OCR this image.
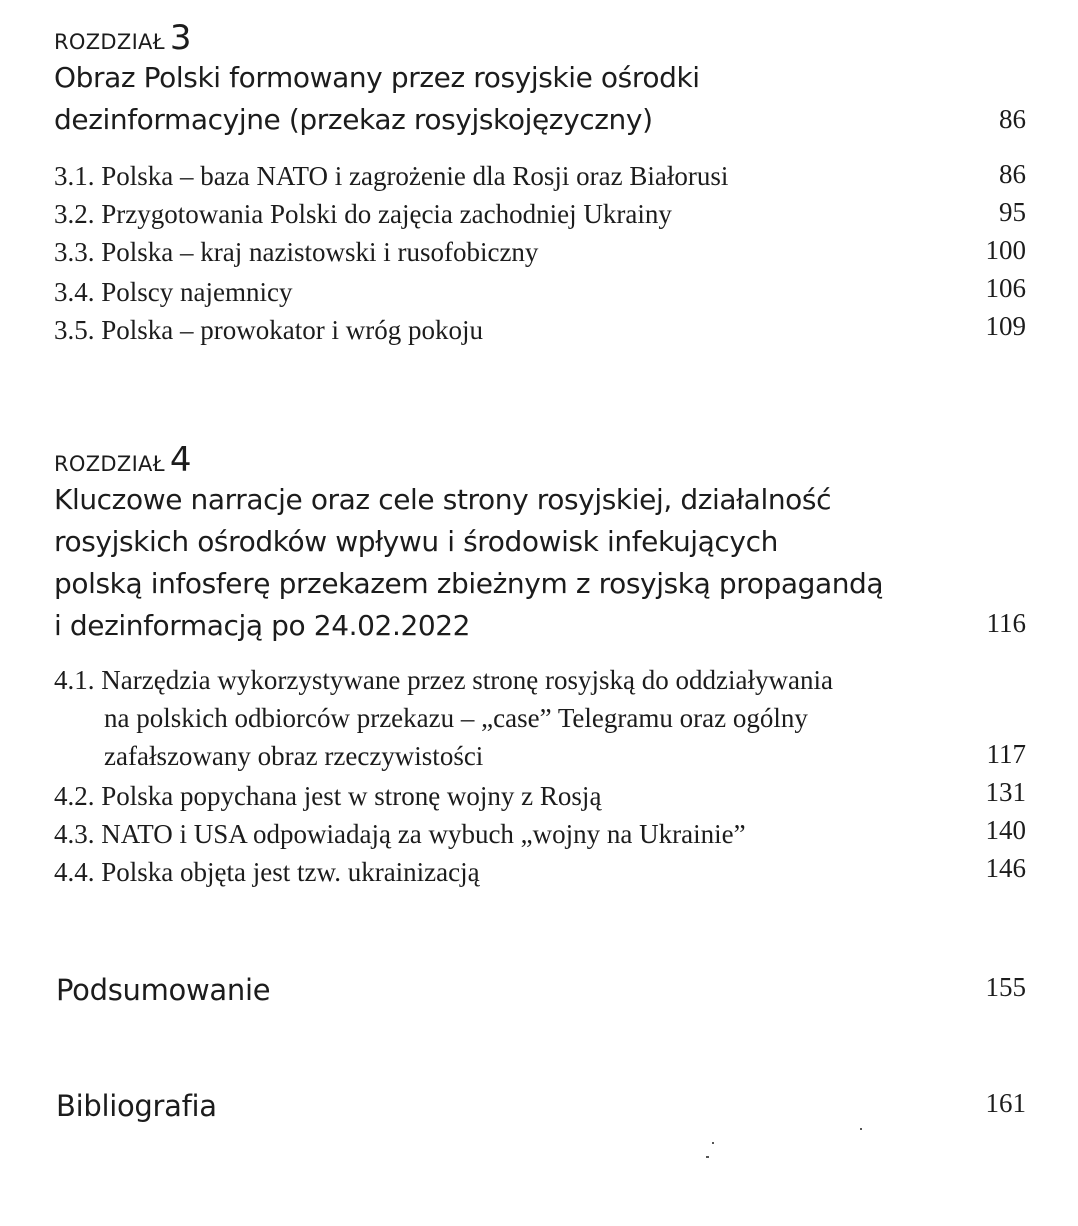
ROZDZIAŁ 3
Obraz Polski formowany przez rosyjskie ośrodki
dezinformacyjne (przekaz rosyjskojęzyczny)	86
3.1. Polska – baza NATO i zagrożenie dla Rosji oraz Białorusi	86
3.2. Przygotowania Polski do zajęcia zachodniej Ukrainy	95
3.3. Polska – kraj nazistowski i rusofobiczny	100
3.4. Polscy najemnicy	106
3.5. Polska – prowokator i wróg pokoju	109
ROZDZIAŁ 4
Kluczowe narracje oraz cele strony rosyjskiej, działalność
rosyjskich ośrodków wpływu i środowisk infekujących
polską infosferę przekazem zbieżnym z rosyjską propagandą
i dezinformacją po 24.02.2022	116
4.1. Narzędzia wykorzystywane przez stronę rosyjską do oddziaływania
na polskich odbiorców przekazu – „case” Telegramu oraz ogólny
zafałszowany obraz rzeczywistości	117
4.2. Polska popychana jest w stronę wojny z Rosją	131
4.3. NATO i USA odpowiadają za wybuch „wojny na Ukrainie”	140
4.4. Polska objęta jest tzw. ukrainizacją	146
Podsumowanie	155
Bibliografia	161
